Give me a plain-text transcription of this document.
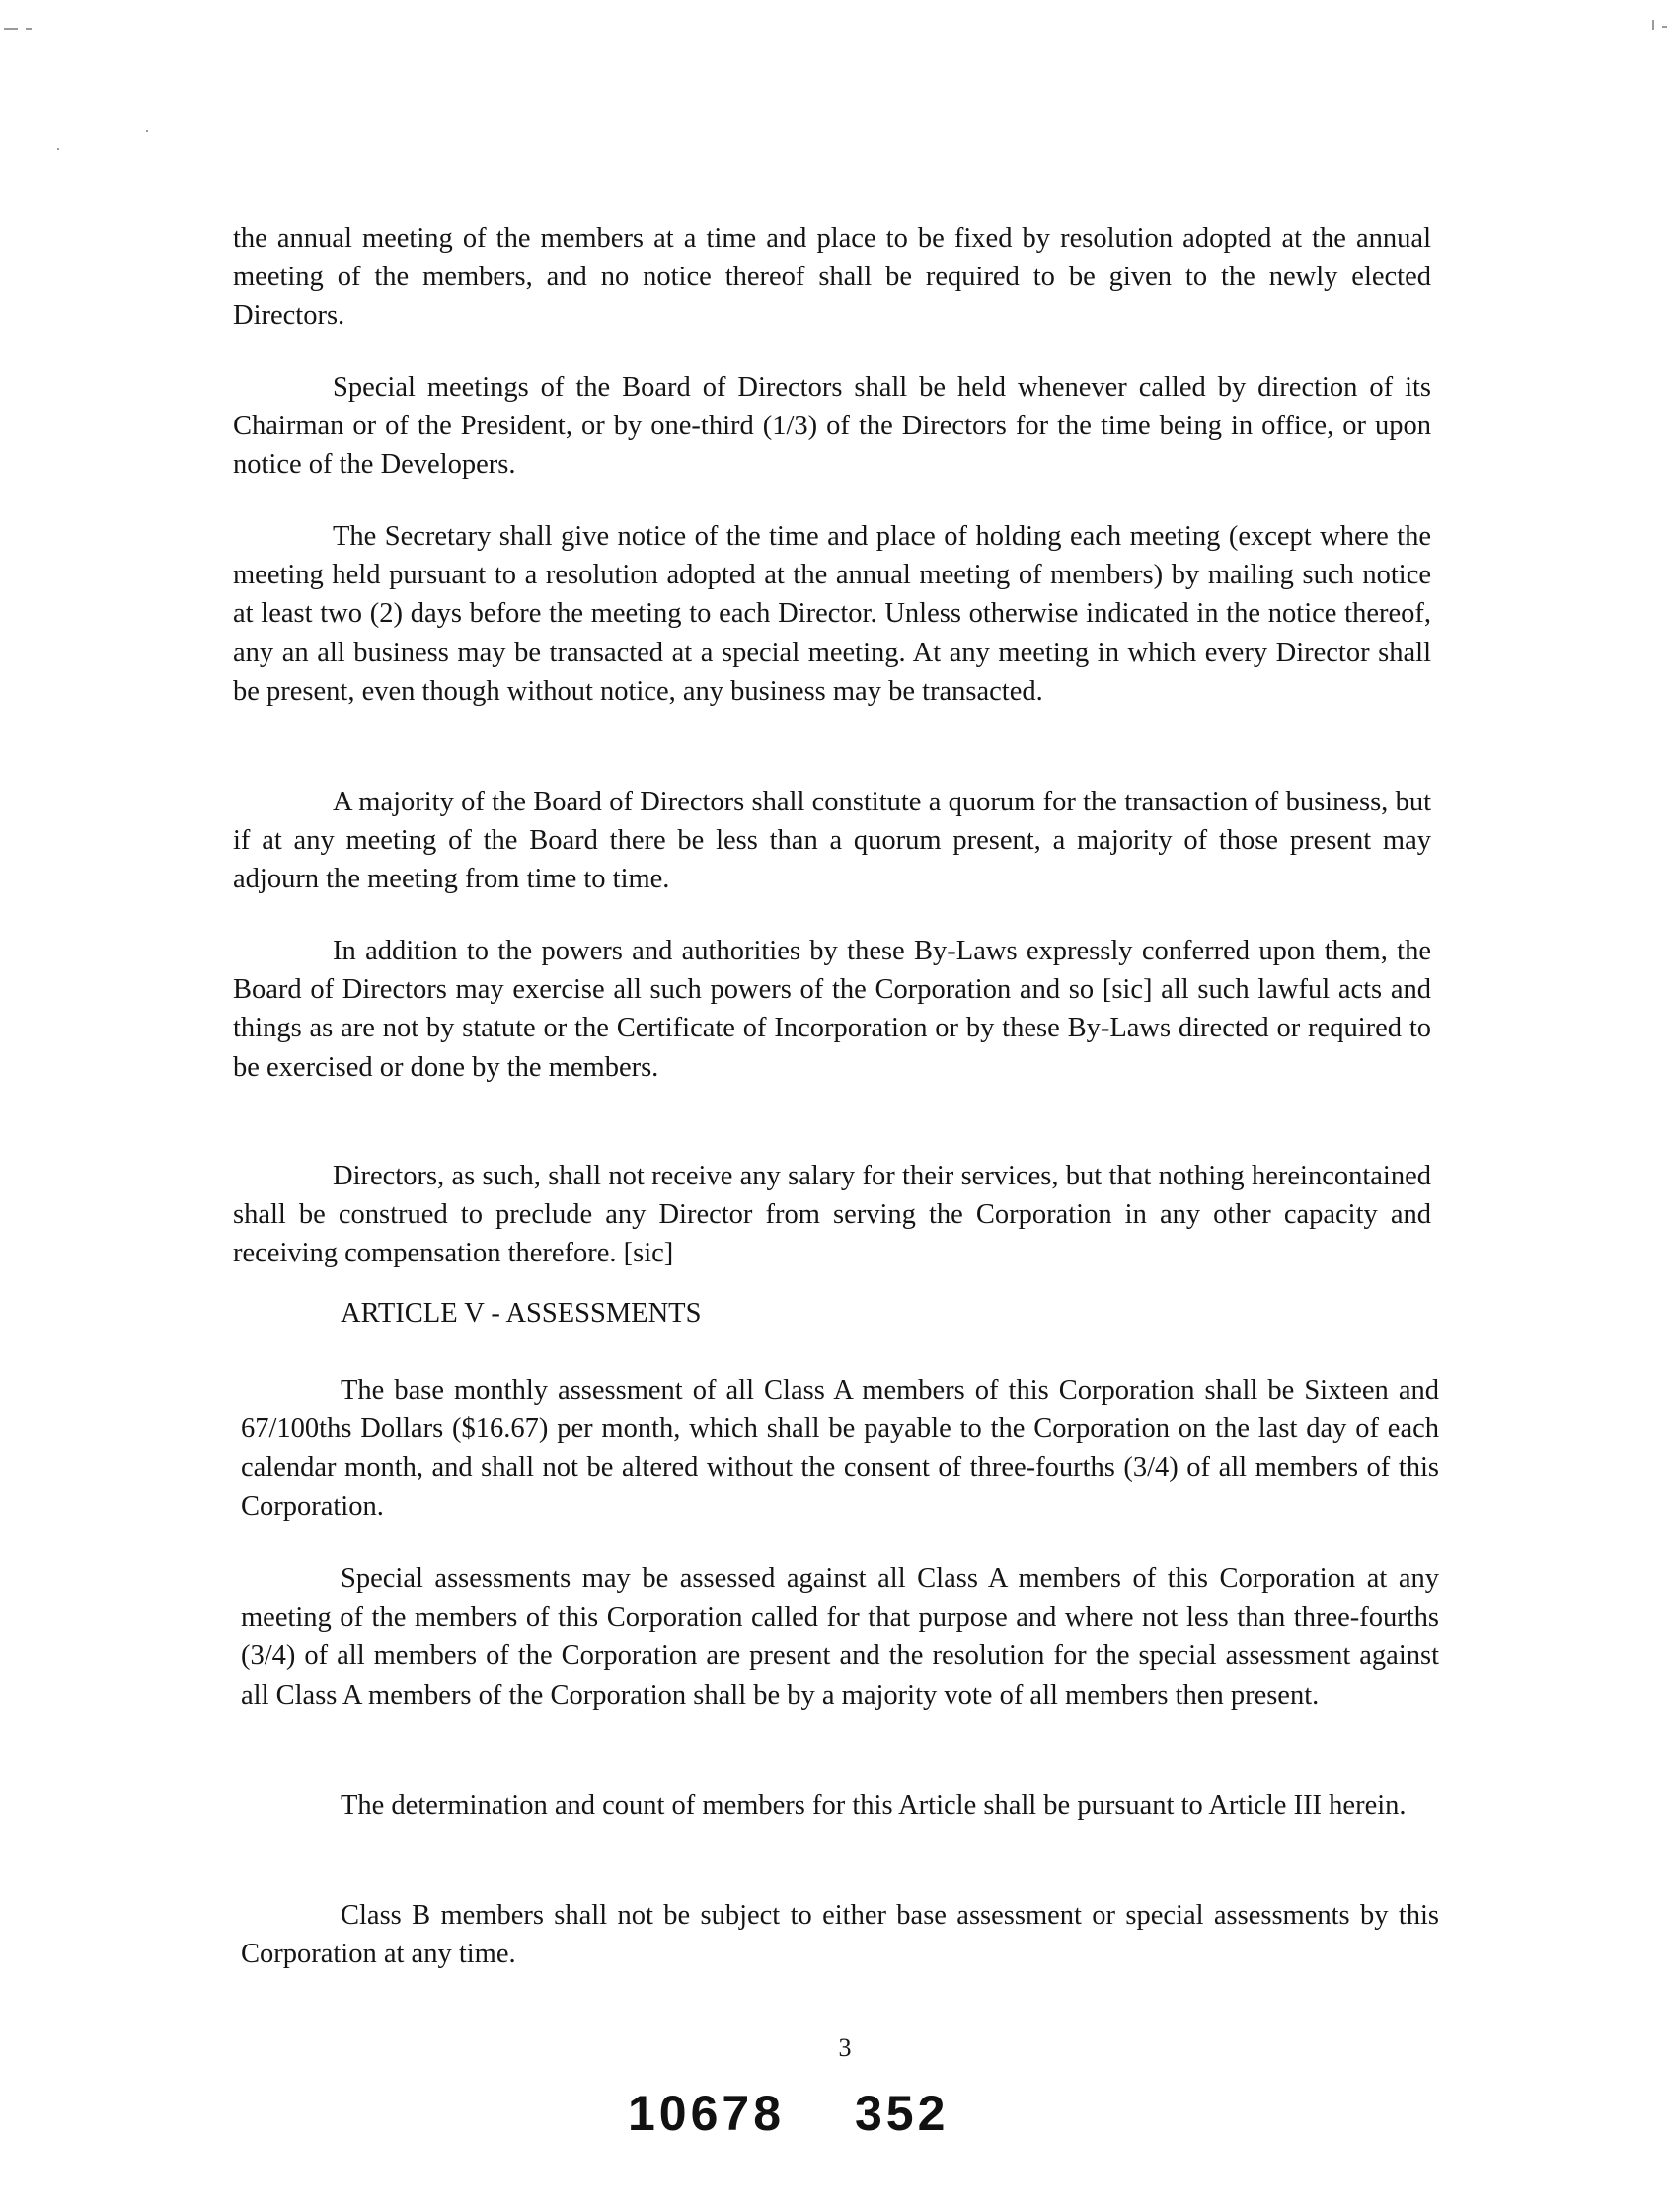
the annual meeting of the members at a time and place to be fixed by resolution adopted at the annual meeting of the members, and no notice thereof shall be required to be given to the newly elected Directors.

Special meetings of the Board of Directors shall be held whenever called by direction of its Chairman or of the President, or by one-third (1/3) of the Directors for the time being in office, or upon notice of the Developers.

The Secretary shall give notice of the time and place of holding each meeting (except where the meeting held pursuant to a resolution adopted at the annual meeting of members) by mailing such notice at least two (2) days before the meeting to each Director. Unless otherwise indicated in the notice thereof, any an all business may be transacted at a special meeting. At any meeting in which every Director shall be present, even though without notice, any business may be transacted.

A majority of the Board of Directors shall constitute a quorum for the transaction of business, but if at any meeting of the Board there be less than a quorum present, a majority of those present may adjourn the meeting from time to time.

In addition to the powers and authorities by these By-Laws expressly conferred upon them, the Board of Directors may exercise all such powers of the Corporation and so [sic] all such lawful acts and things as are not by statute or the Certificate of Incorporation or by these By-Laws directed or required to be exercised or done by the members.

Directors, as such, shall not receive any salary for their services, but that nothing hereincontained shall be construed to preclude any Director from serving the Corporation in any other capacity and receiving compensation therefore. [sic]

ARTICLE V - ASSESSMENTS

The base monthly assessment of all Class A members of this Corporation shall be Sixteen and 67/100ths Dollars ($16.67) per month, which shall be payable to the Corporation on the last day of each calendar month, and shall not be altered without the consent of three-fourths (3/4) of all members of this Corporation.

Special assessments may be assessed against all Class A members of this Corporation at any meeting of the members of this Corporation called for that purpose and where not less than three-fourths (3/4) of all members of the Corporation are present and the resolution for the special assessment against all Class A members of the Corporation shall be by a majority vote of all members then present.

The determination and count of members for this Article shall be pursuant to Article III herein.

Class B members shall not be subject to either base assessment or special assessments by this Corporation at any time.

3
10678 352
